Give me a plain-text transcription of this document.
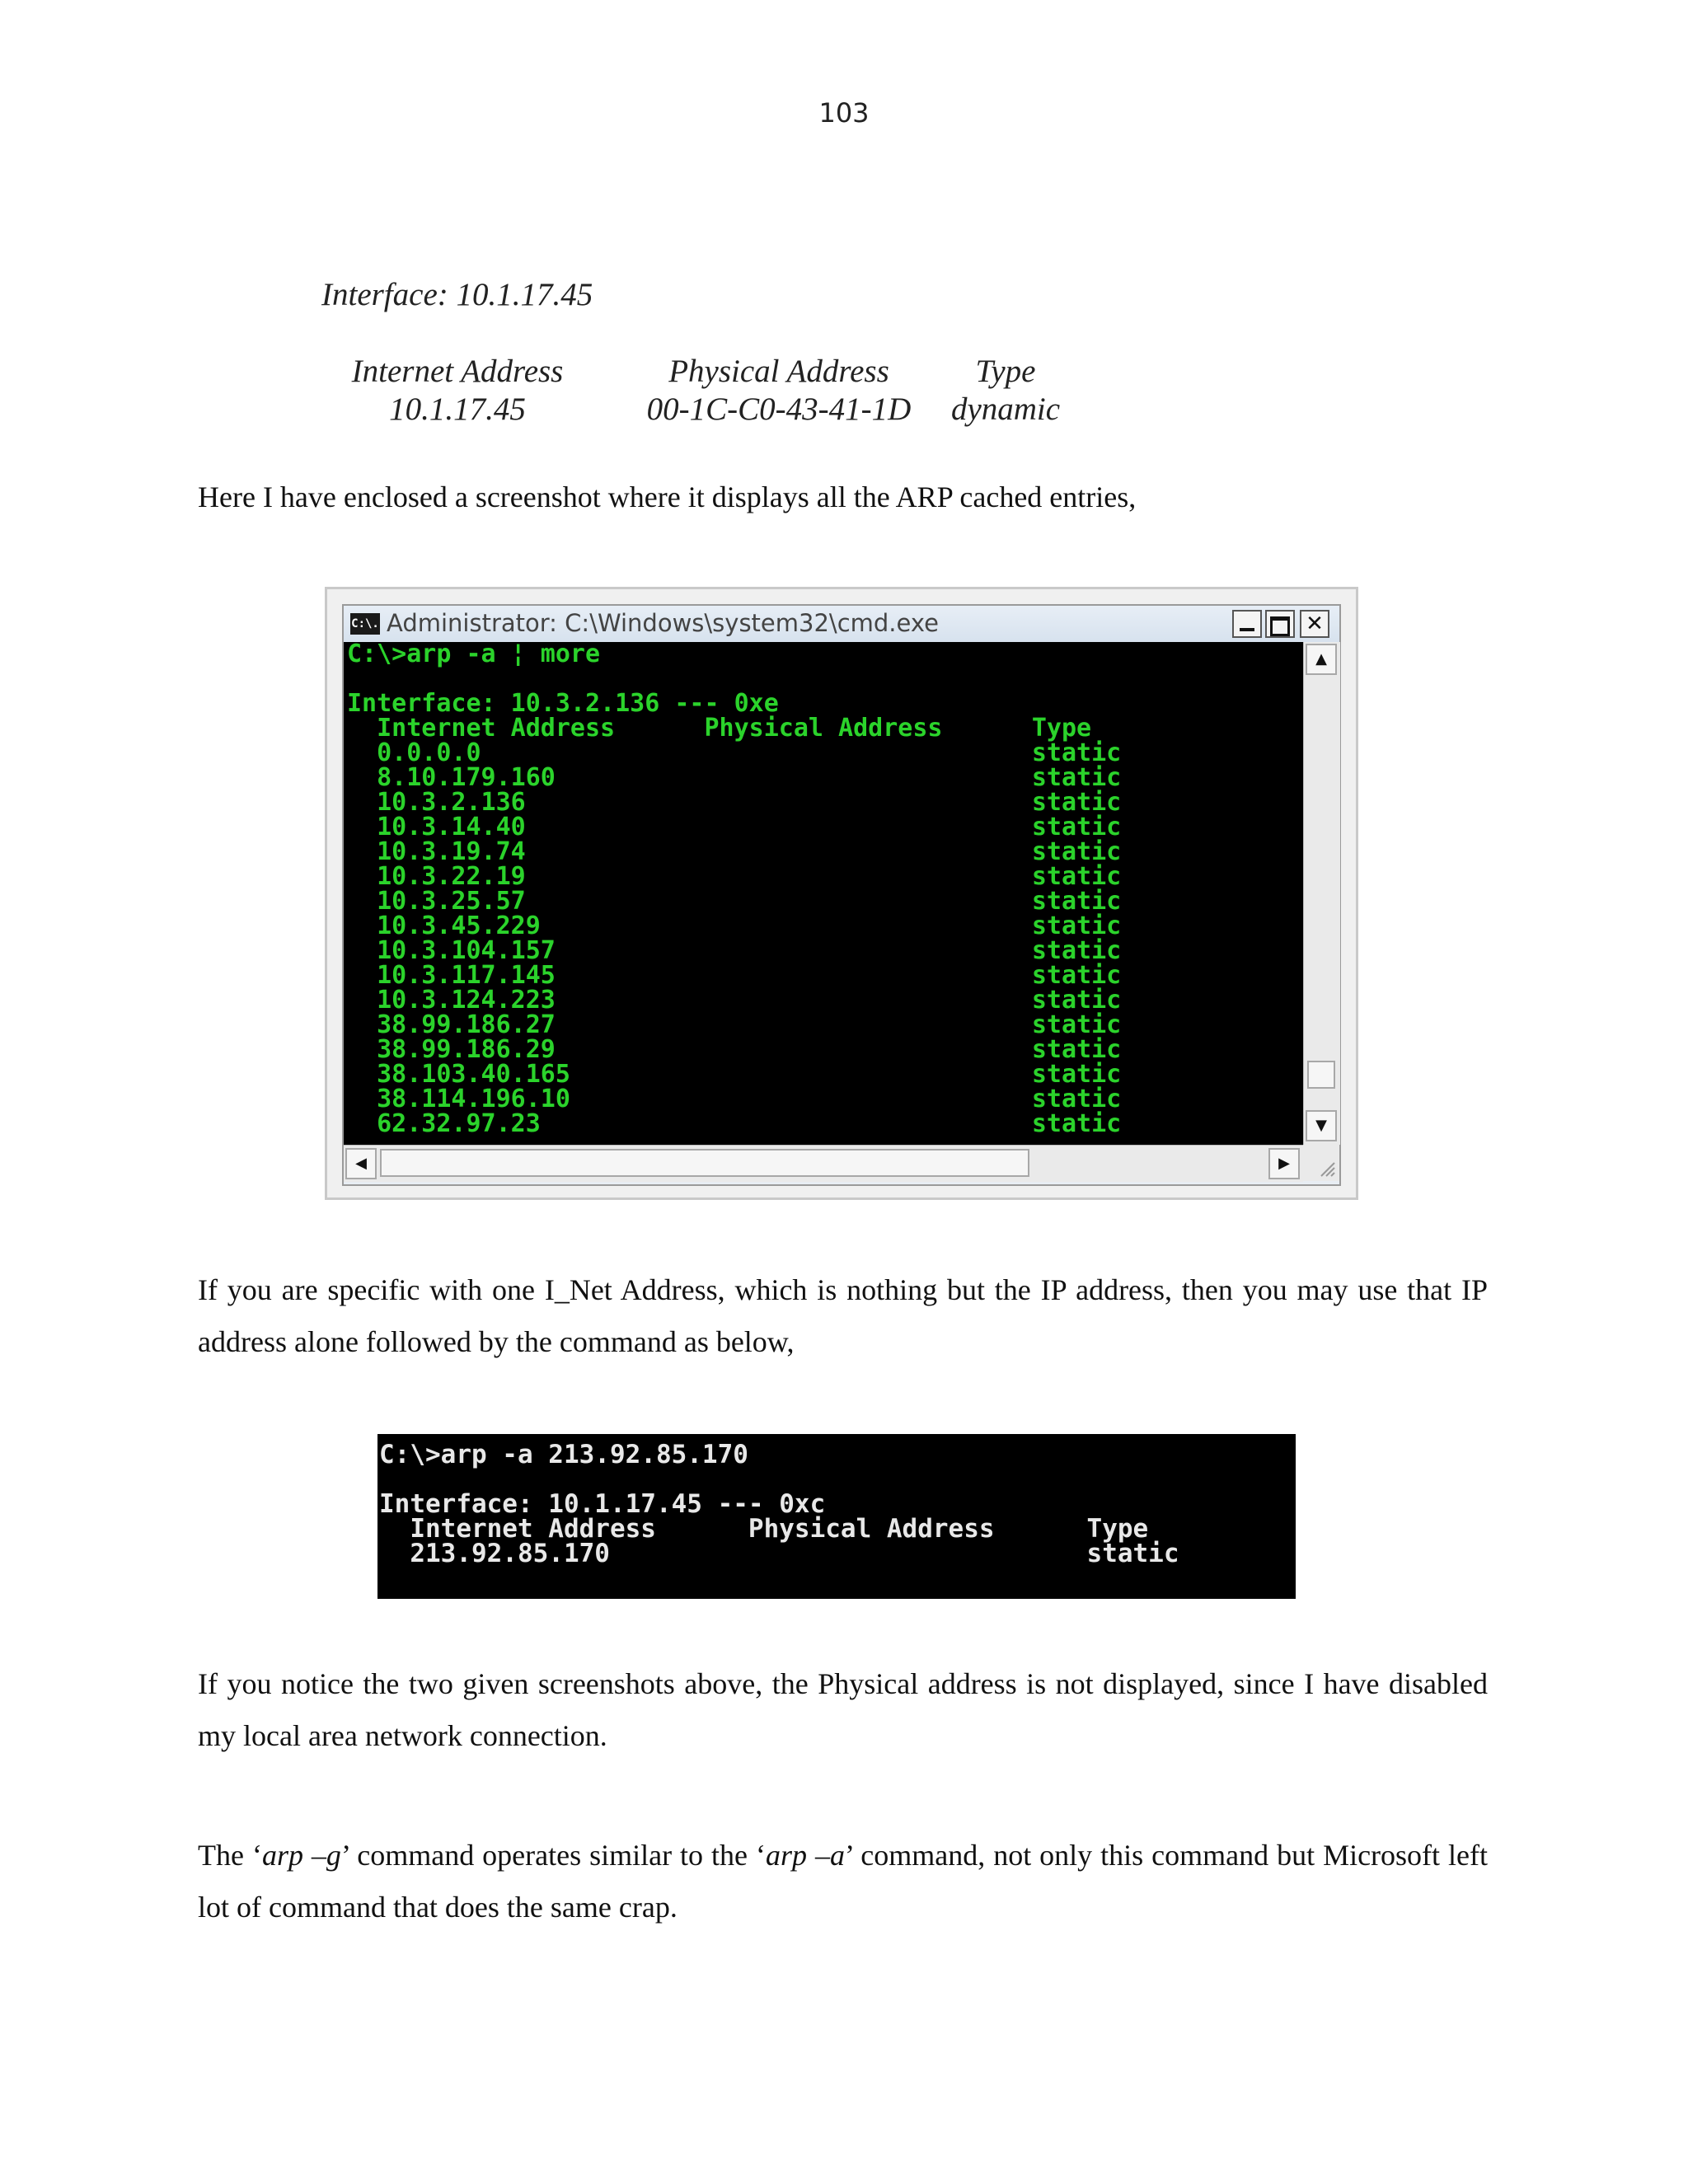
103
Interface: 10.1.17.45
Internet Address
10.1.17.45
Physical Address
00-1C-C0-43-41-1D
Type
dynamic

Here I have enclosed a screenshot where it displays all the ARP cached entries,

C:\. Administrator: C:\Windows\system32\cmd.exe	✕
C:\>arp -a ¦ more

Interface: 10.3.2.136 --- 0xe
Internet Address      Physical Address      Type
0.0.0.0                                     static
8.10.179.160                                static
10.3.2.136                                  static
10.3.14.40                                  static
10.3.19.74                                  static
10.3.22.19                                  static
10.3.25.57                                  static
10.3.45.229                                 static
10.3.104.157                                static
10.3.117.145                                static
10.3.124.223                                static
38.99.186.27                                static
38.99.186.29                                static
38.103.40.165                               static
38.114.196.10                               static
62.32.97.23                                 static
▲
▼
◀	▶

If you are specific with one I_Net Address, which is nothing but the IP address, then you may use that IP address alone followed by the command as below,

C:\>arp -a 213.92.85.170

Interface: 10.1.17.45 --- 0xc
Internet Address      Physical Address      Type
213.92.85.170                               static

If you notice the two given screenshots above, the Physical address is not displayed, since I have disabled my local area network connection.

The ‘arp –g’ command operates similar to the ‘arp –a’ command, not only this command but Microsoft left lot of command that does the same crap.
